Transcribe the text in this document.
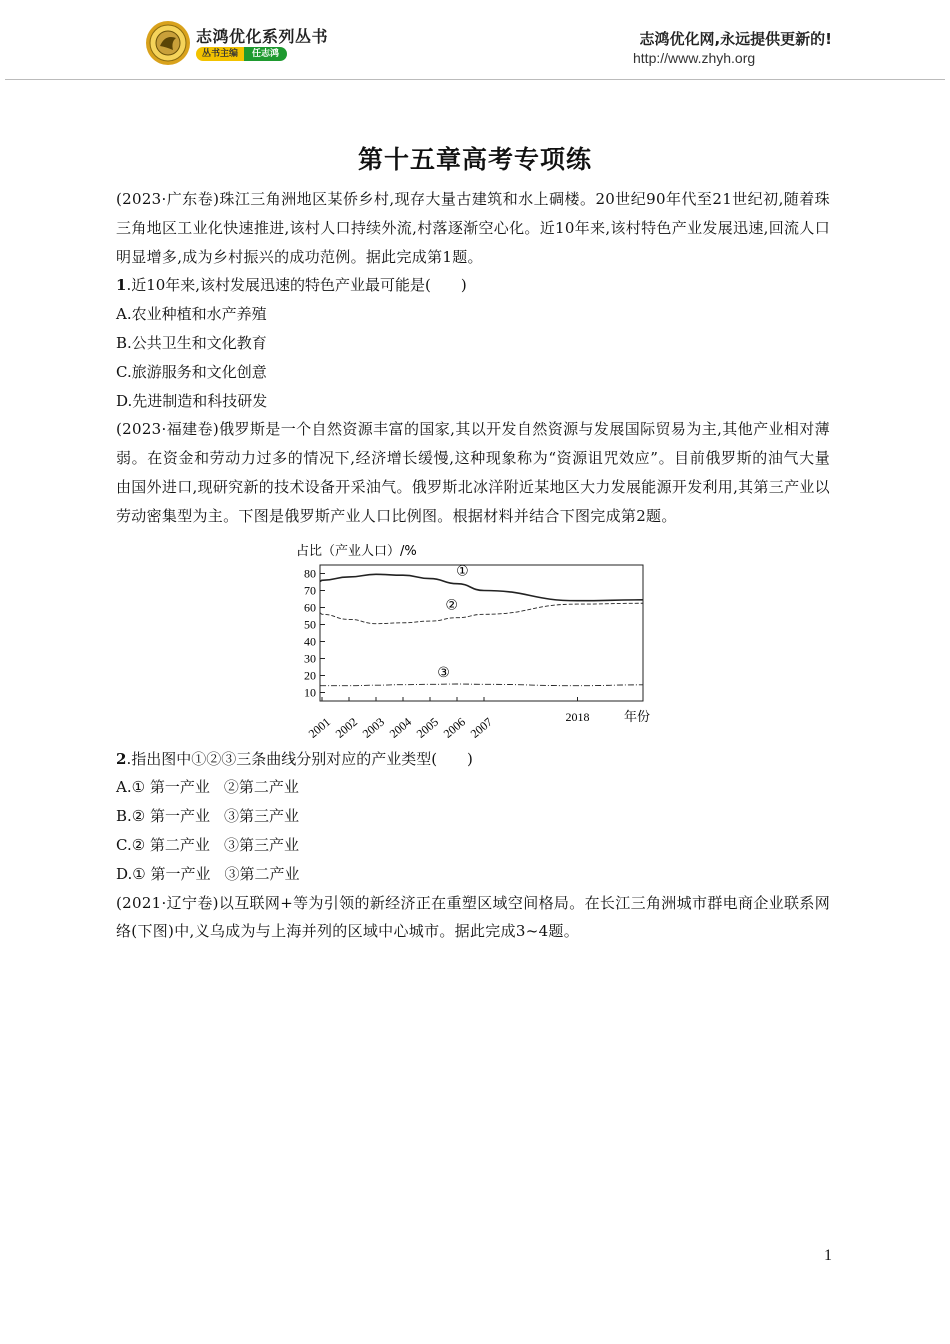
志鸿优化系列丛书
丛书主编	任志鸿
志鸿优化网,永远提供更新的!
http://www.zhyh.org
第十五章高考专项练

(2023·广东卷)珠江三角洲地区某侨乡村,现存大量古建筑和水上碉楼。20世纪90年代至21世纪初,随着珠三角地区工业化快速推进,该村人口持续外流,村落逐渐空心化。近10年来,该村特色产业发展迅速,回流人口明显增多,成为乡村振兴的成功范例。据此完成第1题。

1.近10年来,该村发展迅速的特色产业最可能是(　　)

A.农业种植和水产养殖

B.公共卫生和文化教育

C.旅游服务和文化创意

D.先进制造和科技研发

(2023·福建卷)俄罗斯是一个自然资源丰富的国家,其以开发自然资源与发展国际贸易为主,其他产业相对薄弱。在资金和劳动力过多的情况下,经济增长缓慢,这种现象称为“资源诅咒效应”。目前俄罗斯的油气大量由国外进口,现研究新的技术设备开采油气。俄罗斯北冰洋附近某地区大力发展能源开发利用,其第三产业以劳动密集型为主。下图是俄罗斯产业人口比例图。根据材料并结合下图完成第2题。

占比（产业人口）/%
10
20
30
40
50
60
70
80
2001 2002 2003 2004 2005 2006 2007	2018
①
②
③
年份

2.指出图中①②③三条曲线分别对应的产业类型(　　)

A.① 第一产业 ②第二产业

B.② 第一产业 ③第三产业

C.② 第二产业 ③第三产业

D.① 第一产业 ③第二产业

(2021·辽宁卷)以互联网+等为引领的新经济正在重塑区域空间格局。在长江三角洲城市群电商企业联系网络(下图)中,义乌成为与上海并列的区域中心城市。据此完成3~4题。

1
